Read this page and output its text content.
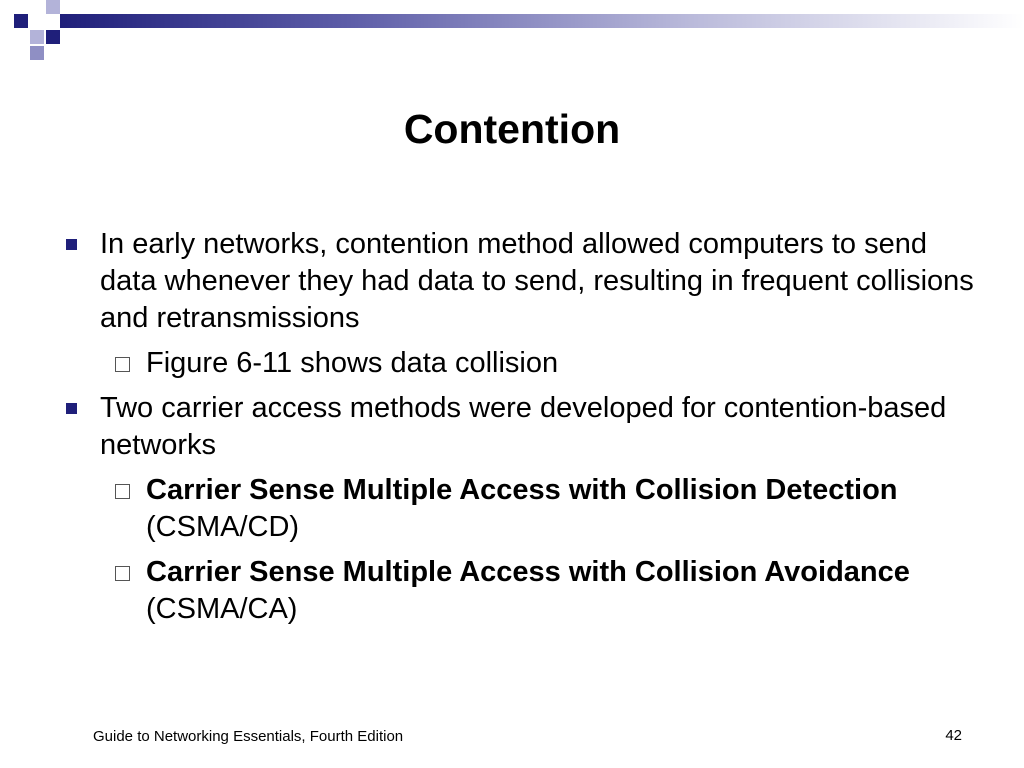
Contention
In early networks, contention method allowed computers to send data whenever they had data to send, resulting in frequent collisions and retransmissions
Figure 6-11 shows data collision
Two carrier access methods were developed for contention-based networks
Carrier Sense Multiple Access with Collision Detection (CSMA/CD)
Carrier Sense Multiple Access with Collision Avoidance (CSMA/CA)
Guide to Networking Essentials, Fourth Edition	42
